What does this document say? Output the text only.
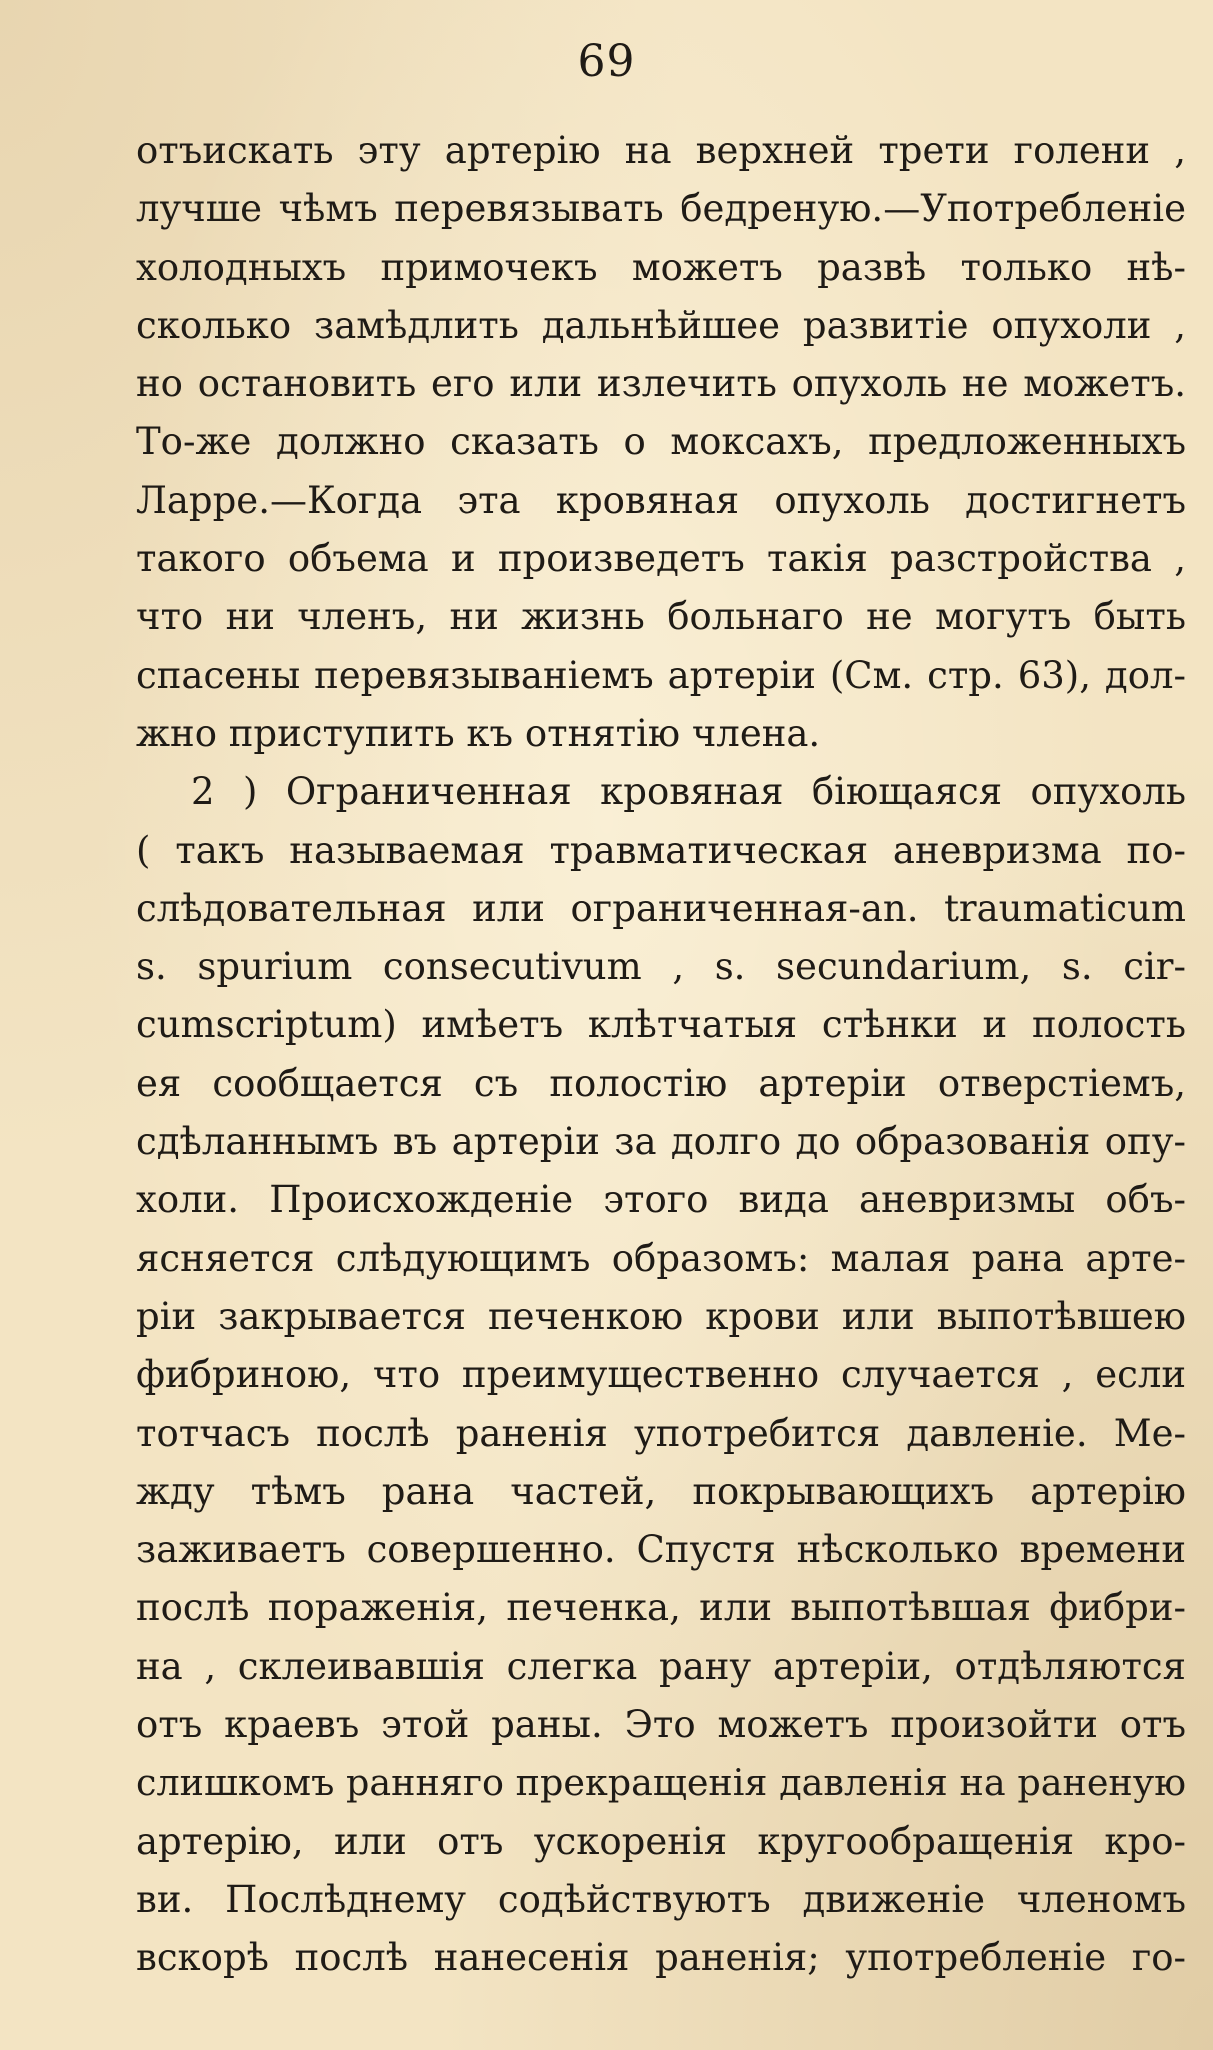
69
отъискать эту артерію на верхней трети голени ,
лучше чѣмъ перевязывать бедреную.—Употребленіе
холодныхъ примочекъ можетъ развѣ только нѣ-
сколько замѣдлить дальнѣйшее развитіе опухоли ,
но остановить его или излечить опухоль не можетъ.
То-же должно сказать о моксахъ, предложенныхъ
Ларре.—Когда эта кровяная опухоль достигнетъ
такого объема и произведетъ такія разстройства ,
что ни членъ, ни жизнь больнаго не могутъ быть
спасены перевязываніемъ артеріи (См. стр. 63), дол-
жно приступить къ отнятію члена.
2 ) Ограниченная кровяная біющаяся опухоль
( такъ называемая травматическая аневризма по-
слѣдовательная или ограниченная-an. traumaticum
s. spurium consecutivum , s. secundarium, s. cir-
cumscriptum) имѣетъ клѣтчатыя стѣнки и полость
ея сообщается съ полостію артеріи отверстіемъ,
сдѣланнымъ въ артеріи за долго до образованія опу-
холи. Происхожденіе этого вида аневризмы объ-
ясняется слѣдующимъ образомъ: малая рана арте-
ріи закрывается печенкою крови или выпотѣвшею
фибриною, что преимущественно случается , если
тотчасъ послѣ раненія употребится давленіе. Ме-
жду тѣмъ рана частей, покрывающихъ артерію
заживаетъ совершенно. Спустя нѣсколько времени
послѣ пораженія, печенка, или выпотѣвшая фибри-
на , склеивавшія слегка рану артеріи, отдѣляются
отъ краевъ этой раны. Это можетъ произойти отъ
слишкомъ ранняго прекращенія давленія на раненую
артерію, или отъ ускоренія кругообращенія кро-
ви. Послѣднему содѣйствуютъ движеніе членомъ
вскорѣ послѣ нанесенія раненія; употребленіе го-
